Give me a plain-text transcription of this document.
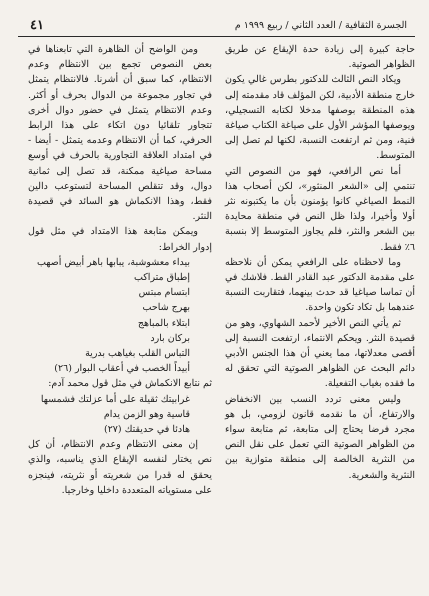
الجسرة الثقافية / العدد الثاني / ربيع ١٩٩٩ م
٤١

حاجة كبيرة إلى زيادة حدة الإيقاع عن طريق الظواهر الصوتية.

ويكاد النص الثالث للدكتور بطرس غالي يكون خارج منطقة الأدبية، لكن المؤلف قاد مقدمته إلى هذه المنطقة بوصفها مدخلا لكتابه التسجيلي، ويوصفها المؤشر الأول على صياغة الكتاب صياغة فنية، ومن ثم ارتفعت النسبة، لكنها لم تصل إلى المتوسط.

أما نص الرافعي، فهو من النصوص التي تنتمي إلى «الشعر المنثور»، لكن أصحاب هذا النمط الصياغي كانوا يؤمنون بأن ما يكتبونه نثر أولا وأخيرا، ولذا ظل النص في منطقة محايدة بين الشعر والنثر، فلم يجاوز المتوسط إلا بنسبة ٦٪ فقط.

وما لاحظناه على الرافعي يمكن أن نلاحظه على مقدمة الدكتور عبد القادر القط. فلاشك في أن تماسا صياغيا قد حدث بينهما، فتقاربت النسبة عندهما بل تكاد تكون واحدة.

ثم يأتي النص الأخير لأحمد الشهاوي، وهو من قصيدة النثر. ويحكم الانتماء، ارتفعت النسبة إلى أقصى معدلاتها، مما يعني أن هذا الجنس الأدبي دائم البحث عن الظواهر الصوتية التي تحقق له ما فقده بغياب التفعيلة.

وليس معنى تردد النسب بين الانخفاض والارتفاع، أن ما نقدمه قانون لزومي، بل هو مجرد فرضا يحتاج إلى متابعة، ثم متابعة سواء من الظواهر الصوتية التي تعمل على نقل النص من النثرية الخالصة إلى منطقة متوازية بين النثرية والشعرية.

ومن الواضح أن الظاهرة التي تابعناها في بعض النصوص تجمع بين الانتظام وعدم الانتظام، كما سبق أن أشرنا. فالانتظام يتمثل في تجاور مجموعة من الدوال بحرف أو أكثر. وعدم الانتظام يتمثل في حضور دوال أخرى تتجاور تلقائيا دون اتكاء على هذا الرابط الحرفي، كما أن الانتظام وعدمه يتمثل - أيضا - في امتداد العلاقة التجاورية بالحرف في أوسع مساحة صياغية ممكنة، قد تصل إلى ثمانية دوال، وقد تتقلص المساحة لتستوعب دالين فقط، وهذا الانكماش هو السائد في قصيدة النثر.

ويمكن متابعة هذا الامتداد في مثل قول إدوار الخراط:

بيداء معشوشبة، يبابها باهر أبيض أصهب
إطباق متراكب
ابتسام مبتس
بهرج شاحب
ابتلاء بالمباهج
بركان بارد
التباس القلب بغياهب بدرية
أبيداً الخصب في أعقاب البوار (٢٦)

ثم نتابع الانكماش في مثل قول محمد آدم:

غرابيتك ثقيلة على أما عزلتك فشمسها
قاسية وهو الزمن يدام
هادئا في حديقتك (٢٧)

إن معنى الانتظام وعدم الانتظام، أن كل نص يختار لنفسه الإيقاع الذي يناسبه، والذي يحقق له قدرا من شعريته أو نثريته، فينجزه على مستوياته المتعددة داخليا وخارجيا.
